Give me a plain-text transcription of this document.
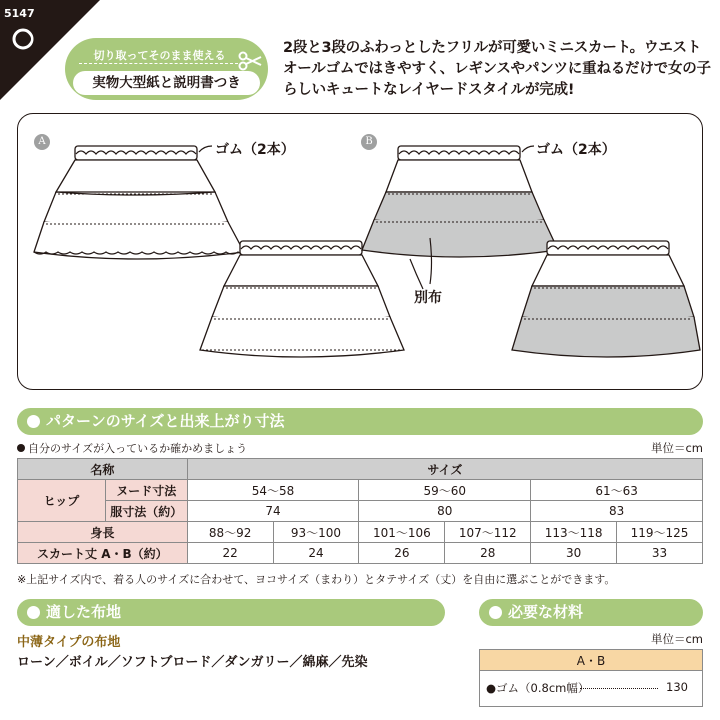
5147
切り取ってそのまま使える
実物大型紙と説明書つき
2段と3段のふわっとしたフリルが可愛いミニスカート。ウエストオールゴムではきやすく、レギンスやパンツに重ねるだけで女の子らしいキュートなレイヤードスタイルが完成!
A	B
ゴム（2本）	ゴム（2本）
別布
パターンのサイズと出来上がり寸法
自分のサイズが入っているか確かめましょう	単位＝cm
名称		サイズ					
ヒップ	ヌード寸法	54〜58		59〜60		61〜63	
	服寸法（約）	74		80		83	
身長		88〜92	93〜100	101〜106	107〜112	113〜118	119〜125
スカート丈 A・B（約）		22	24	26	28	30	33
※上記サイズ内で、着る人のサイズに合わせて、ヨコサイズ（まわり）とタテサイズ（丈）を自由に選ぶことができます。
適した布地
中薄タイプの布地
ローン／ボイル／ソフトブロード／ダンガリー／綿麻／先染
必要な材料
単位＝cm
A・B
●ゴム（0.8cm幅）	130
